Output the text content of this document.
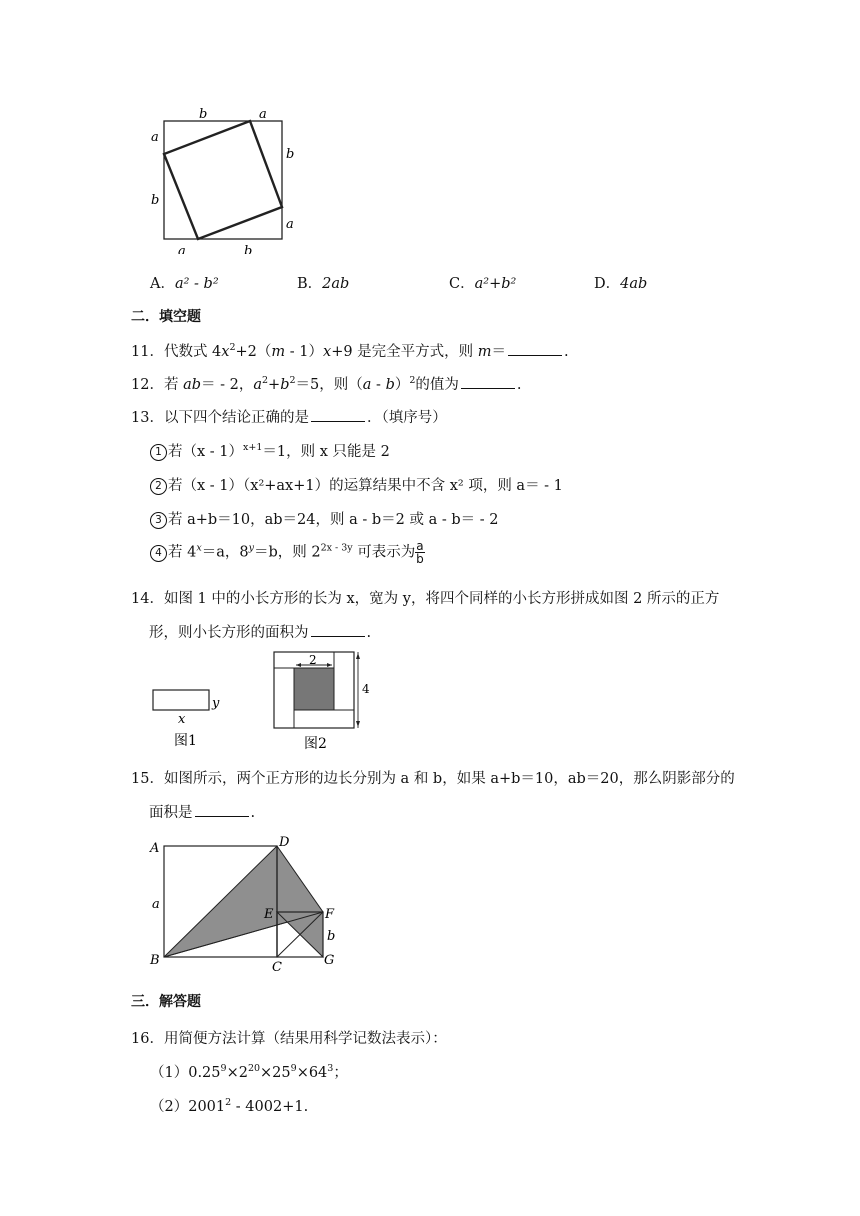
b	a
a
b
b
a
a	b
A．a² - b²	B．2ab	C．a²+b²	D．4ab
二．填空题
11．代数式 $4x^2+2(m - 1)x+9$ 是完全平方式，则 m＝	.
12．若 ab＝ - 2，$a^2+b^2=5$，则（a - b）$^2$的值为	.
13．以下四个结论正确的是	．（填序号）
1 若（x - 1）$^{x+1}$＝1，则 x 只能是 2
2 若（x - 1）（x²+ax+1）的运算结果中不含 x² 项，则 a＝ - 1
3 若 a+b＝10，ab＝24，则 a - b＝2 或 a - b＝ - 2
4 若 $4^x=a$，$8^y=b$，则 $2^{2x - 3y}$ 可表示为 $\frac{a}{b}$
14．如图 1 中的小长方形的长为 x，宽为 y，将四个同样的小长方形拼成如图 2 所示的正方
形，则小长方形的面积为	.
y
x
图1
2
4
图2
15．如图所示，两个正方形的边长分别为 a 和 b，如果 a+b＝10，ab＝20，那么阴影部分的
面积是	.
A	D
a
E	F
b
B	C	G
三．解答题
16．用简便方法计算（结果用科学记数法表示）：
$(1)0.25^9\times 2^{20}\times 25^9\times 64^3$；
（2）2001$^2$ - 4002+1.
